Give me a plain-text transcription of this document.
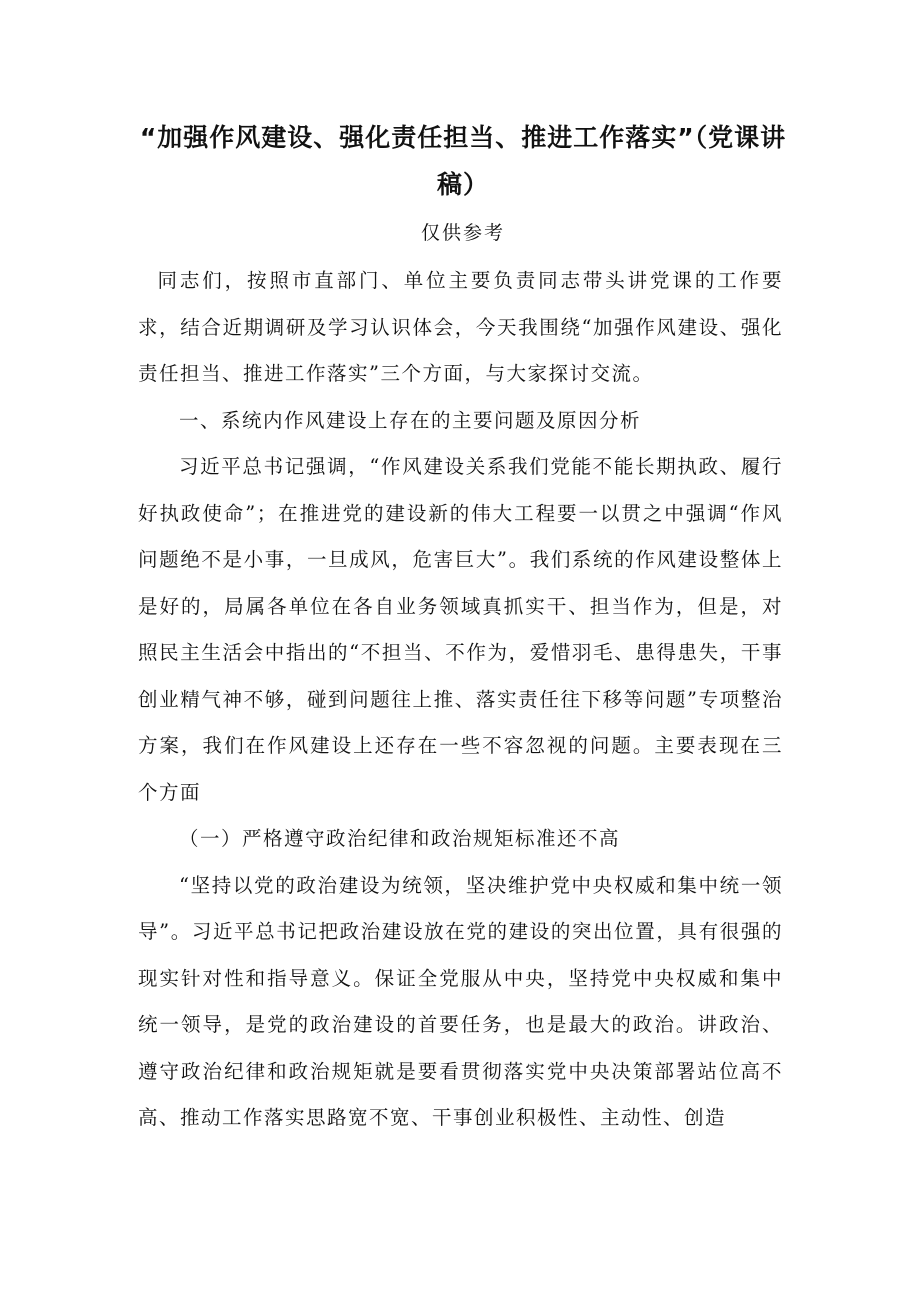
“加强作风建设、强化责任担当、推进工作落实”（党课讲稿）

仅供参考

同志们，按照市直部门、单位主要负责同志带头讲党课的工作要求，结合近期调研及学习认识体会，今天我围绕“加强作风建设、强化责任担当、推进工作落实”三个方面，与大家探讨交流。

一、系统内作风建设上存在的主要问题及原因分析

习近平总书记强调，“作风建设关系我们党能不能长期执政、履行好执政使命”；在推进党的建设新的伟大工程要一以贯之中强调“作风问题绝不是小事，一旦成风，危害巨大”。我们系统的作风建设整体上是好的，局属各单位在各自业务领域真抓实干、担当作为，但是，对照民主生活会中指出的“不担当、不作为，爱惜羽毛、患得患失，干事创业精气神不够，碰到问题往上推、落实责任往下移等问题”专项整治方案，我们在作风建设上还存在一些不容忽视的问题。主要表现在三个方面

（一）严格遵守政治纪律和政治规矩标准还不高

“坚持以党的政治建设为统领，坚决维护党中央权威和集中统一领导”。习近平总书记把政治建设放在党的建设的突出位置，具有很强的现实针对性和指导意义。保证全党服从中央，坚持党中央权威和集中统一领导，是党的政治建设的首要任务，也是最大的政治。讲政治、遵守政治纪律和政治规矩就是要看贯彻落实党中央决策部署站位高不高、推动工作落实思路宽不宽、干事创业积极性、主动性、创造
